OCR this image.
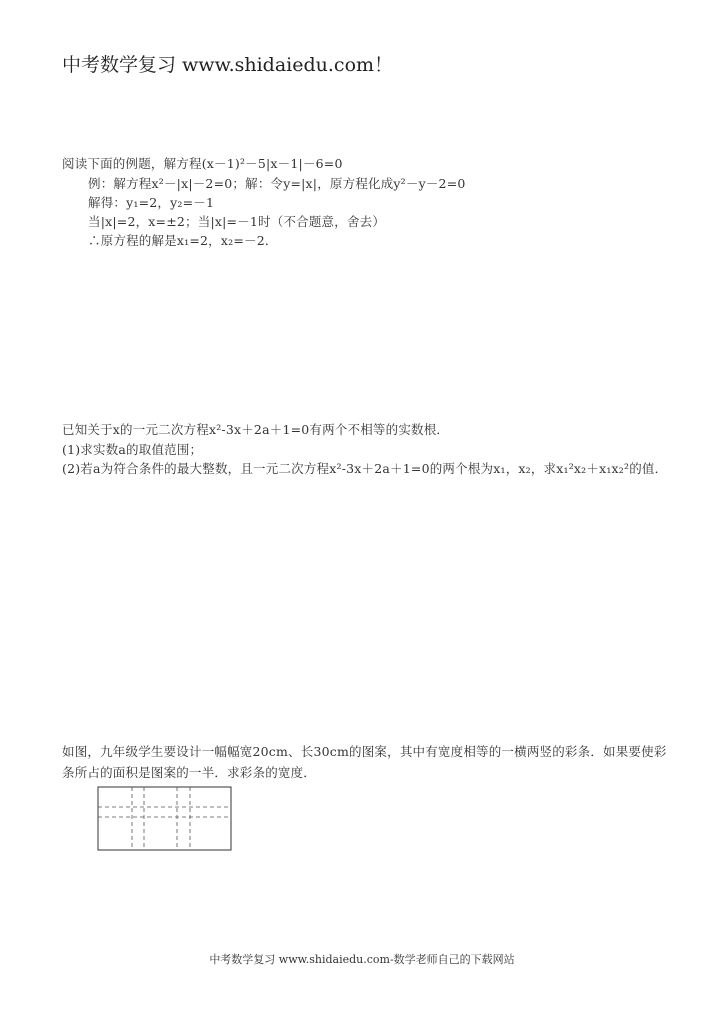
中考数学复习 www.shidaiedu.com！
阅读下面的例题，解方程(x－1)²－5|x－1|－6=0
例：解方程x²－|x|－2=0；解：令y=|x|，原方程化成y²－y－2=0
解得：y₁=2，y₂=－1
当|x|=2，x=±2；当|x|=－1时（不合题意，舍去）
∴原方程的解是x₁=2，x₂=－2．
已知关于x的一元二次方程x²-3x＋2a＋1=0有两个不相等的实数根．
(1)求实数a的取值范围；
(2)若a为符合条件的最大整数，且一元二次方程x²-3x＋2a＋1=0的两个根为x₁，x₂，求x₁²x₂＋x₁x₂²的值．
如图，九年级学生要设计一幅幅宽20cm、长30cm的图案，其中有宽度相等的一横两竖的彩条．如果要使彩
条所占的面积是图案的一半．求彩条的宽度．
中考数学复习 www.shidaiedu.com-数学老师自己的下载网站
